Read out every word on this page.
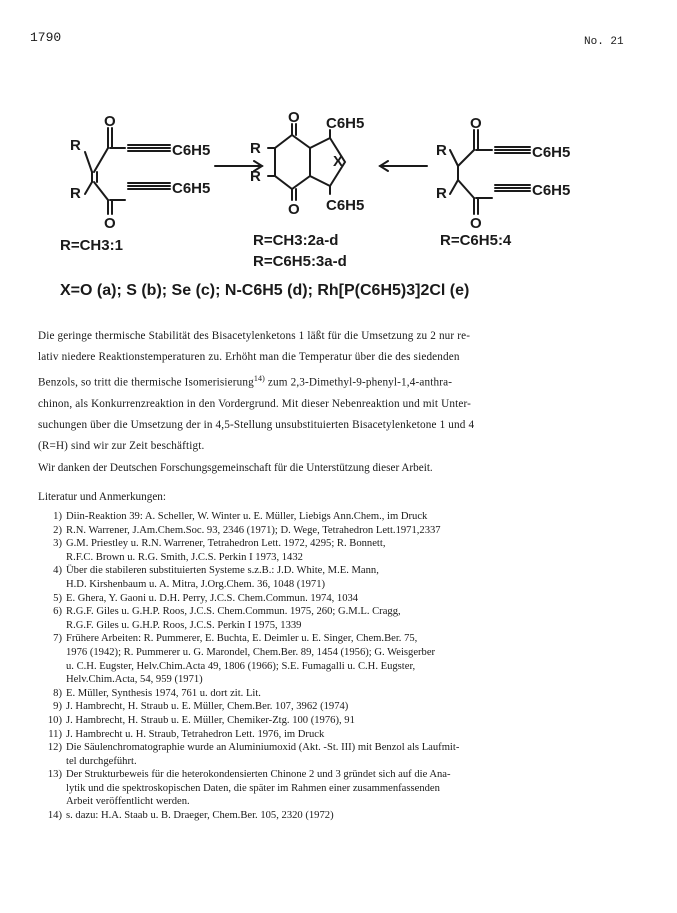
1790	No. 21
R
R
O
O
C6H5
C6H5
R
R
O
O
C6H5
C6H5
X
R
R
O
O
C6H5
C6H5
R=CH3:1	R=CH3:2a-d
R=C6H5:3a-d
R=C6H5:4
X=O (a); S (b); Se (c); N-C6H5 (d); Rh[P(C6H5)3]2Cl (e)

Die geringe thermische Stabilität des Bisacetylenketons 1 läßt für die Umsetzung zu 2 nur re-

lativ niedere Reaktionstemperaturen zu. Erhöht man die Temperatur über die des siedenden

Benzols, so tritt die thermische Isomerisierung$^{14)}$ zum 2,3-Dimethyl-9-phenyl-1,4-anthra-

chinon, als Konkurrenzreaktion in den Vordergrund. Mit dieser Nebenreaktion und mit Unter-

suchungen über die Umsetzung der in 4,5-Stellung unsubstituierten Bisacetylenketone 1 und 4

(R=H) sind wir zur Zeit beschäftigt.

Wir danken der Deutschen Forschungsgemeinschaft für die Unterstützung dieser Arbeit.
Literatur und Anmerkungen:
1) Diin-Reaktion 39: A. Scheller, W. Winter u. E. Müller, Liebigs Ann.Chem., im Druck
2) R.N. Warrener, J.Am.Chem.Soc. 93, 2346 (1971); D. Wege, Tetrahedron Lett.1971,2337
3) G.M. Priestley u. R.N. Warrener, Tetrahedron Lett. 1972, 4295; R. Bonnett,
R.F.C. Brown u. R.G. Smith, J.C.S. Perkin I 1973, 1432
4) Über die stabileren substituierten Systeme s.z.B.: J.D. White, M.E. Mann,
H.D. Kirshenbaum u. A. Mitra, J.Org.Chem. 36, 1048 (1971)
5) E. Ghera, Y. Gaoni u. D.H. Perry, J.C.S. Chem.Commun. 1974, 1034
6) R.G.F. Giles u. G.H.P. Roos, J.C.S. Chem.Commun. 1975, 260; G.M.L. Cragg,
R.G.F. Giles u. G.H.P. Roos, J.C.S. Perkin I 1975, 1339
7) Frühere Arbeiten: R. Pummerer, E. Buchta, E. Deimler u. E. Singer, Chem.Ber. 75,
1976 (1942); R. Pummerer u. G. Marondel, Chem.Ber. 89, 1454 (1956); G. Weisgerber
u. C.H. Eugster, Helv.Chim.Acta 49, 1806 (1966); S.E. Fumagalli u. C.H. Eugster,
Helv.Chim.Acta, 54, 959 (1971)
8) E. Müller, Synthesis 1974, 761 u. dort zit. Lit.
9) J. Hambrecht, H. Straub u. E. Müller, Chem.Ber. 107, 3962 (1974)
10) J. Hambrecht, H. Straub u. E. Müller, Chemiker-Ztg. 100 (1976), 91
11) J. Hambrecht u. H. Straub, Tetrahedron Lett. 1976, im Druck
12) Die Säulenchromatographie wurde an Aluminiumoxid (Akt. -St. III) mit Benzol als Laufmit-
tel durchgeführt.
13) Der Strukturbeweis für die heterokondensierten Chinone 2 und 3 gründet sich auf die Ana-
lytik und die spektroskopischen Daten, die später im Rahmen einer zusammenfassenden
Arbeit veröffentlicht werden.
14) s. dazu: H.A. Staab u. B. Draeger, Chem.Ber. 105, 2320 (1972)
